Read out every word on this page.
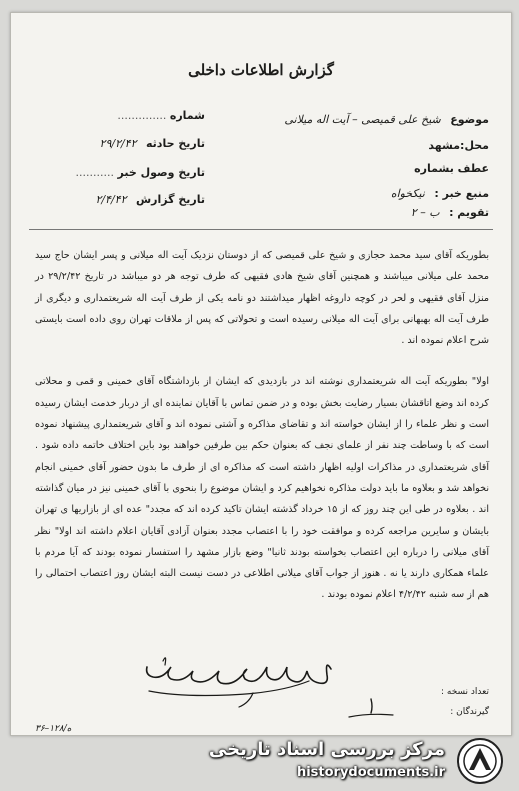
گزارش اطلاعات داخلی
موضوع شیخ علی قمیصی – آیت اله میلانی
محل:مشهد
عطف بشماره
منبع خبر : نیکخواه
تقویم : ب – ۲
شماره ..............
تاریخ حادثه ۲۹/۲/۴۲
تاریخ وصول خبر ...........
تاریخ گزارش ۲/۴/۴۲

بطوریکه آقای سید محمد حجازی و شیخ علی قمیصی که از دوستان نزدیک آیت اله میلانی و پسر ایشان حاج سید محمد علی میلانی میباشند و همچنین آقای شیخ هادی فقیهی که طرف توجه هر دو میباشد در تاریخ ۲۹/۲/۴۲ در منزل آقای فقیهی و لحر در کوچه داروغه اظهار میداشتند دو نامه یکی از طرف آیت اله شریعتمداری و دیگری از طرف آیت اله بهبهانی برای آیت اله میلانی رسیده است و تحولاتی که پس از ملاقات تهران روی داده است بایستی شرح اعلام نموده اند .

اولا" بطوریکه آیت اله شریعتمداری نوشته اند در بازدیدی که ایشان از بازداشتگاه آقای خمینی و قمی و محلاتی کرده اند وضع اتاقشان بسیار رضایت بخش بوده و در ضمن تماس با آقایان نماینده ای از دربار خدمت ایشان رسیده است و نظر علماء را از ایشان خواسته اند و تقاضای مذاکره و آشتی نموده اند و آقای شریعتمداری پیشنهاد نموده است که با وساطت چند نفر از علمای نجف که بعنوان حکم بین طرفین خواهند بود باین اختلاف خاتمه داده شود . آقای شریعتمداری در مذاکرات اولیه اظهار داشته است که مذاکره ای از طرف ما بدون حضور آقای خمینی انجام نخواهد شد و بعلاوه ما باید دولت مذاکره نخواهیم کرد و ایشان موضوع را بنحوی با آقای خمینی نیز در میان گذاشته اند . بعلاوه در طی این چند روز که از ۱۵ خرداد گذشته ایشان تاکید کرده اند که مجدد" عده ای از بازاریها ی تهران بایشان و سایرین مراجعه کرده و موافقت خود را با اعتصاب مجدد بعنوان آزادی آقایان اعلام داشته اند اولا" نظر آقای میلانی را درباره این اعتصاب بخواسته بودند ثانیا" وضع بازار مشهد را استفسار نموده بودند که آیا مردم با علماء همکاری دارند یا نه . هنوز از جواب آقای میلانی اطلاعی در دست نیست البته ایشان روز اعتصاب احتمالی را هم از سه شنبه ۴/۲/۴۲ اعلام نموده بودند .

تعداد نسخه :
گیرندگان :
۳۶–۱۲۸/ه
مرکز بررسی اسناد تاریخی
historydocuments.ir
